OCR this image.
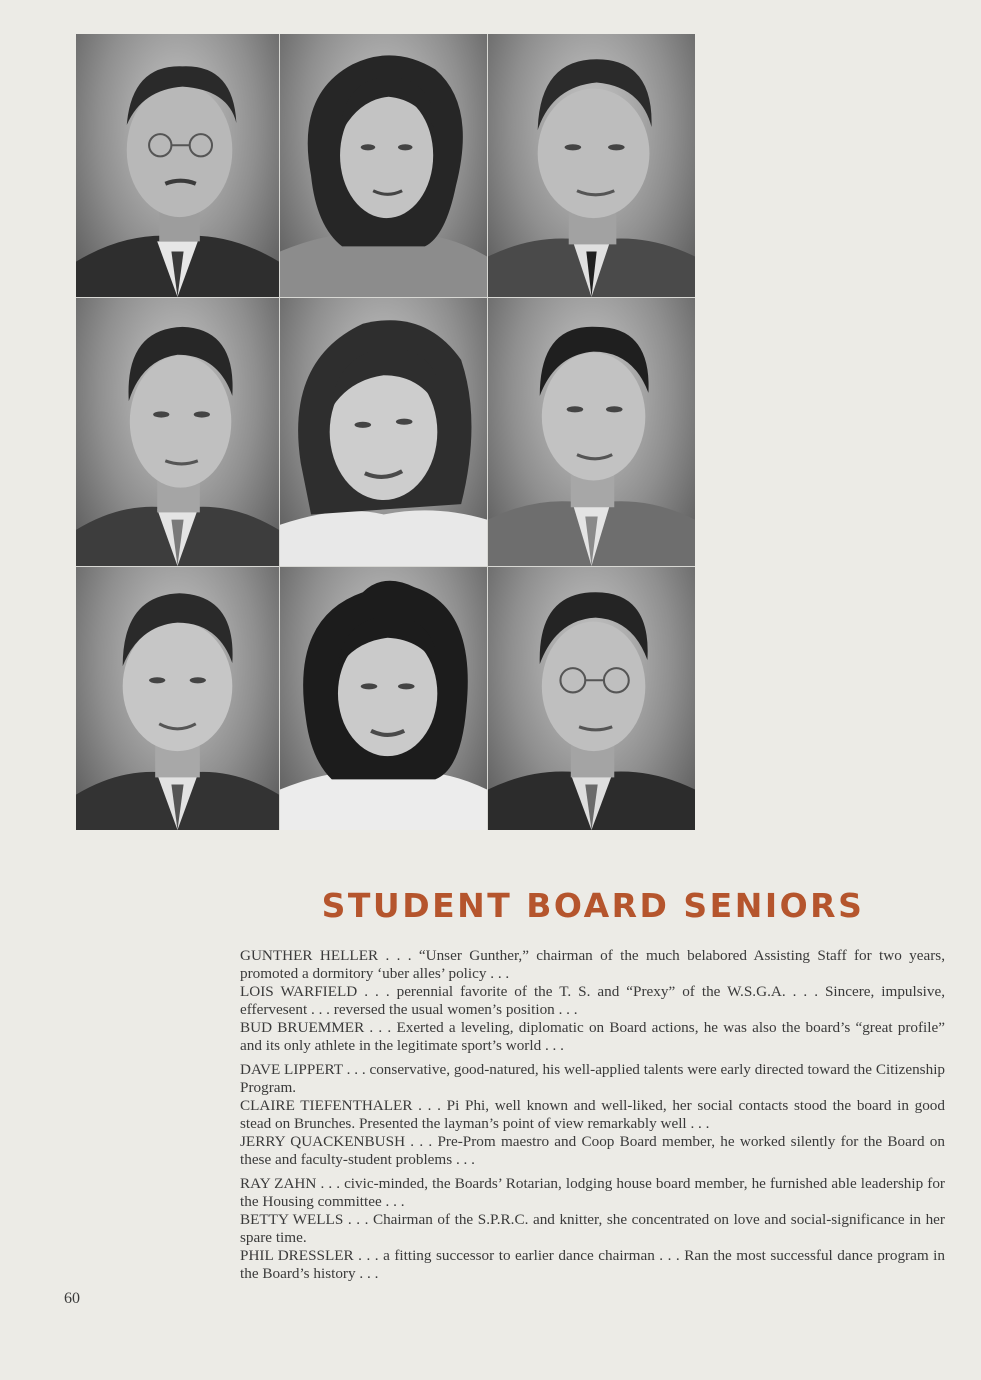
STUDENT BOARD SENIORS

GUNTHER HELLER . . . “Unser Gunther,” chairman of the much belabored Assisting Staff for two years, promoted a dormitory ‘uber alles’ policy . . .

LOIS WARFIELD . . . perennial favorite of the T. S. and “Prexy” of the W.S.G.A. . . . Sincere, impulsive, effervesent . . . reversed the usual women’s position . . .

BUD BRUEMMER . . . Exerted a leveling, diplomatic on Board actions, he was also the board’s “great profile” and its only athlete in the legitimate sport’s world . . .

DAVE LIPPERT . . . conservative, good-natured, his well-applied talents were early directed toward the Citizenship Program.

CLAIRE TIEFENTHALER . . . Pi Phi, well known and well-liked, her social contacts stood the board in good stead on Brunches. Presented the layman’s point of view remarkably well . . .

JERRY QUACKENBUSH . . . Pre-Prom maestro and Coop Board member, he worked silently for the Board on these and faculty-student problems . . .

RAY ZAHN . . . civic-minded, the Boards’ Rotarian, lodging house board member, he furnished able leadership for the Housing committee . . .

BETTY WELLS . . . Chairman of the S.P.R.C. and knitter, she concentrated on love and social-significance in her spare time.

PHIL DRESSLER . . . a fitting successor to earlier dance chairman . . . Ran the most successful dance program in the Board’s history . . .

60
